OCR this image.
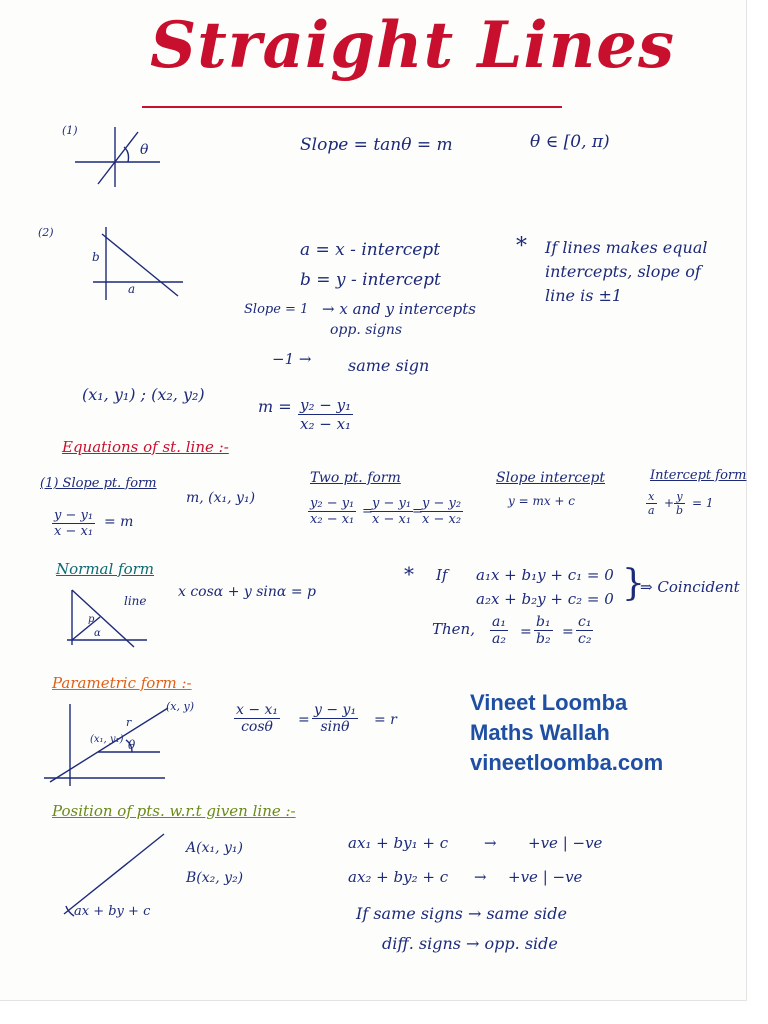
Straight Lines
(1)
θ	Slope = tanθ = m	θ ∈ [0, π)
(2)
b
a
a = x - intercept
b = y - intercept
Slope = 1 → x and y intercepts
opp. signs
−1 → same sign
* If lines makes equal
intercepts, slope of
line is ±1
(x₁, y₁) ; (x₂, y₂)
$m = \frac{\text{y₂ − y₁}}{\text{x₂ − x₁}}$
Equations of st. line :-
(1) Slope pt. form
m, (x₁, y₁)
$\frac{\text{y − y₁}}{\text{x − x₁}} = m$
Two pt. form
$\frac{\text{y₂ − y₁}}{\text{x₂ − x₁}}$ =
$\frac{\text{y − y₁}}{\text{x − x₁}}$
=
$\frac{\text{y − y₂}}{\text{x − x₂}}$
Slope intercept
y = mx + c
Intercept form
$\frac{x}{a} + \frac{y}{b} = 1$
Normal form
line
p
α
x cosα + y sinα = p
* If a₁x + b₁y + c₁ = 0
a₂x + b₂y + c₂ = 0 }
⇒ Coincident
Then, $\frac{\text{a₁}}{\text{a₂}} = \frac{\text{b₁}}{\text{b₂}} = \frac{\text{c₁}}{\text{c₂}}$
Parametric form :-
(x, y)
r
(x₁, y₁) θ
$\frac{\text{x − x₁}}{\cos\theta} = \frac{\text{y − y₁}}{\sin\theta} = r$
Vineet Loomba
Maths Wallah
vineetloomba.com
Position of pts. w.r.t given line :-
A(x₁, y₁)
B(x₂, y₂)
ax + by + c
ax₁ + by₁ + c → +ve | −ve
ax₂ + by₂ + c → +ve | −ve
If same signs → same side
diff. signs → opp. side
